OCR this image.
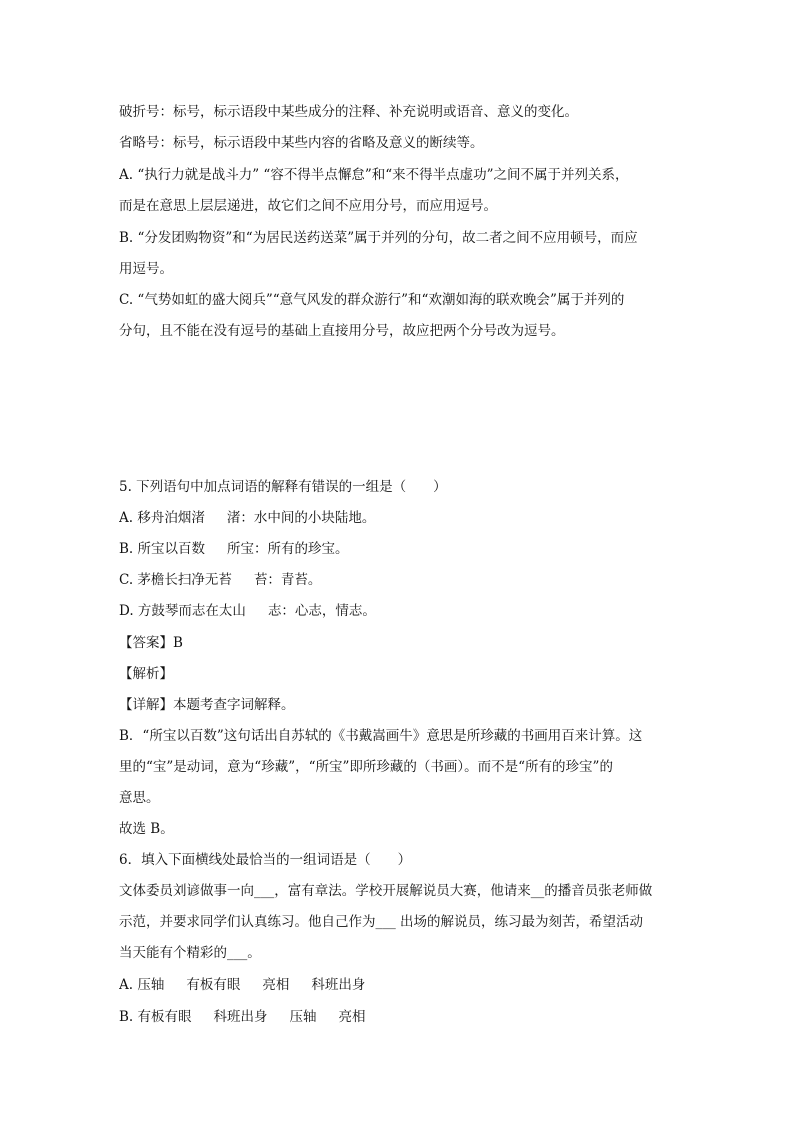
破折号：标号，标示语段中某些成分的注释、补充说明或语音、意义的变化。
省略号：标号，标示语段中某些内容的省略及意义的断续等。
A. “执行力就是战斗力” “容不得半点懈怠”和“来不得半点虚功”之间不属于并列关系，
而是在意思上层层递进，故它们之间不应用分号，而应用逗号。
B. “分发团购物资”和“为居民送药送菜”属于并列的分句，故二者之间不应用顿号，而应
用逗号。
C. “气势如虹的盛大阅兵”“意气风发的群众游行”和“欢潮如海的联欢晚会”属于并列的
分句，且不能在没有逗号的基础上直接用分号，故应把两个分号改为逗号。
5. 下列语句中加点词语的解释有错误的一组是（　　）
A. 移舟泊烟渚 渚：水中间的小块陆地。
B. 所宝以百数 所宝：所有的珍宝。
C. 茅檐长扫净无苔 苔：青苔。
D. 方鼓琴而志在太山 志：心志，情志。
【答案】B
【解析】
【详解】本题考查字词解释。
B．“所宝以百数”这句话出自苏轼的《书戴嵩画牛》意思是所珍藏的书画用百来计算。这
里的“宝”是动词，意为“珍藏”，“所宝”即所珍藏的（书画）。而不是“所有的珍宝”的
意思。
故选 B。
6．填入下面横线处最恰当的一组词语是（　　）
文体委员刘谚做事一向___，富有章法。学校开展解说员大赛，他请来__的播音员张老师做
示范，并要求同学们认真练习。他自己作为___ 出场的解说员，练习最为刻苦，希望活动
当天能有个精彩的___。
A. 压轴 有板有眼 亮相 科班出身
B. 有板有眼 科班出身 压轴 亮相
